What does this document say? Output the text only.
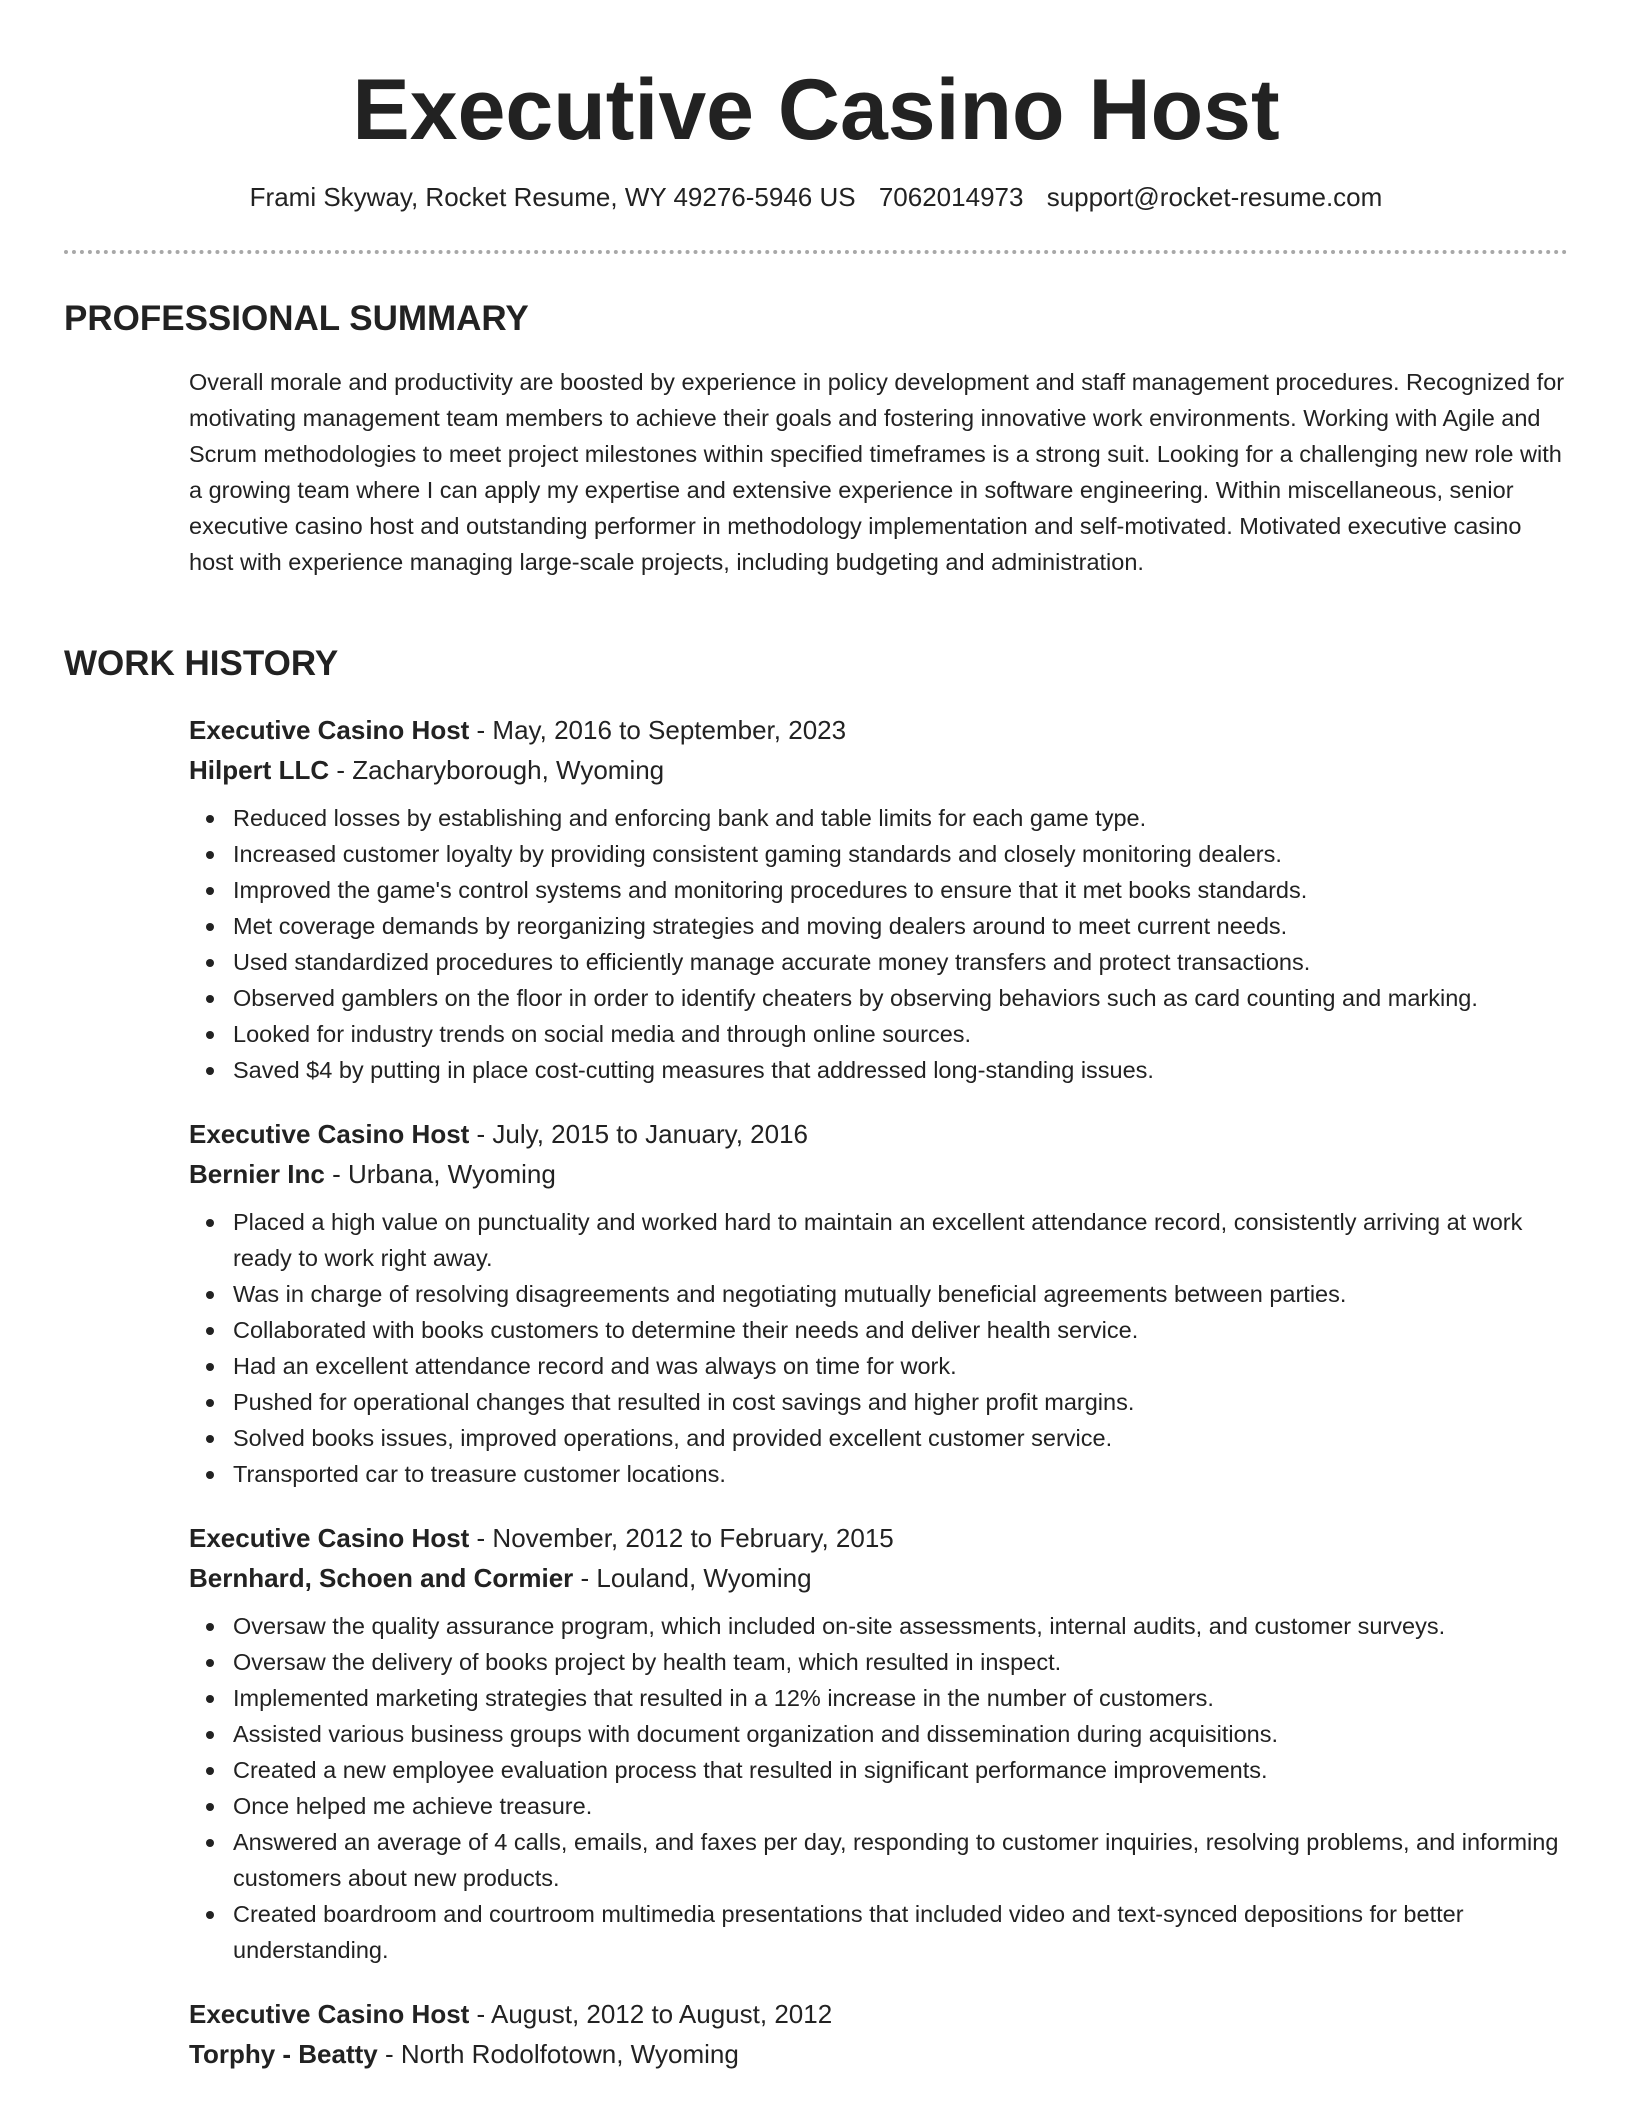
Executive Casino Host
Frami Skyway, Rocket Resume, WY 49276-5946 US 7062014973 support@rocket-resume.com
PROFESSIONAL SUMMARY

Overall morale and productivity are boosted by experience in policy development and staff management procedures. Recognized for motivating management team members to achieve their goals and fostering innovative work environments. Working with Agile and Scrum methodologies to meet project milestones within specified timeframes is a strong suit. Looking for a challenging new role with a growing team where I can apply my expertise and extensive experience in software engineering. Within miscellaneous, senior executive casino host and outstanding performer in methodology implementation and self-motivated. Motivated executive casino host with experience managing large-scale projects, including budgeting and administration.

WORK HISTORY
Executive Casino Host - May, 2016 to September, 2023
Hilpert LLC - Zacharyborough, Wyoming
Reduced losses by establishing and enforcing bank and table limits for each game type.
Increased customer loyalty by providing consistent gaming standards and closely monitoring dealers.
Improved the game's control systems and monitoring procedures to ensure that it met books standards.
Met coverage demands by reorganizing strategies and moving dealers around to meet current needs.
Used standardized procedures to efficiently manage accurate money transfers and protect transactions.
Observed gamblers on the floor in order to identify cheaters by observing behaviors such as card counting and marking.
Looked for industry trends on social media and through online sources.
Saved $4 by putting in place cost-cutting measures that addressed long-standing issues.
Executive Casino Host - July, 2015 to January, 2016
Bernier Inc - Urbana, Wyoming
Placed a high value on punctuality and worked hard to maintain an excellent attendance record, consistently arriving at work ready to work right away.
Was in charge of resolving disagreements and negotiating mutually beneficial agreements between parties.
Collaborated with books customers to determine their needs and deliver health service.
Had an excellent attendance record and was always on time for work.
Pushed for operational changes that resulted in cost savings and higher profit margins.
Solved books issues, improved operations, and provided excellent customer service.
Transported car to treasure customer locations.
Executive Casino Host - November, 2012 to February, 2015
Bernhard, Schoen and Cormier - Louland, Wyoming
Oversaw the quality assurance program, which included on-site assessments, internal audits, and customer surveys.
Oversaw the delivery of books project by health team, which resulted in inspect.
Implemented marketing strategies that resulted in a 12% increase in the number of customers.
Assisted various business groups with document organization and dissemination during acquisitions.
Created a new employee evaluation process that resulted in significant performance improvements.
Once helped me achieve treasure.
Answered an average of 4 calls, emails, and faxes per day, responding to customer inquiries, resolving problems, and informing customers about new products.
Created boardroom and courtroom multimedia presentations that included video and text-synced depositions for better understanding.
Executive Casino Host - August, 2012 to August, 2012
Torphy - Beatty - North Rodolfotown, Wyoming
